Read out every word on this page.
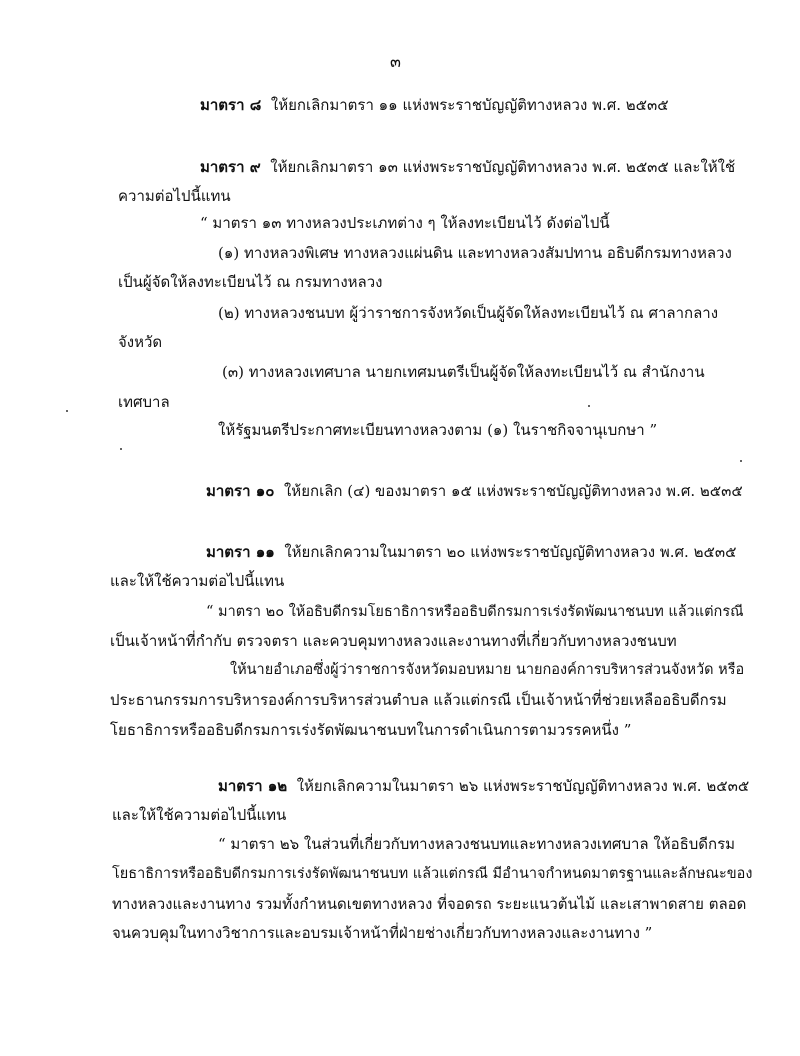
๓

มาตรา ๘ ให้ยกเลิกมาตรา ๑๑ แห่งพระราชบัญญัติทางหลวง พ.ศ. ๒๕๓๕

มาตรา ๙ ให้ยกเลิกมาตรา ๑๓ แห่งพระราชบัญญัติทางหลวง พ.ศ. ๒๕๓๕ และให้ใช้

ความต่อไปนี้แทน

“ มาตรา ๑๓ ทางหลวงประเภทต่าง ๆ ให้ลงทะเบียนไว้ ดังต่อไปนี้

(๑) ทางหลวงพิเศษ ทางหลวงแผ่นดิน และทางหลวงสัมปทาน อธิบดีกรมทางหลวง

เป็นผู้จัดให้ลงทะเบียนไว้ ณ กรมทางหลวง

(๒) ทางหลวงชนบท ผู้ว่าราชการจังหวัดเป็นผู้จัดให้ลงทะเบียนไว้ ณ ศาลากลาง

จังหวัด

(๓) ทางหลวงเทศบาล นายกเทศมนตรีเป็นผู้จัดให้ลงทะเบียนไว้ ณ สำนักงาน

เทศบาล

ให้รัฐมนตรีประกาศทะเบียนทางหลวงตาม (๑) ในราชกิจจานุเบกษา ”

มาตรา ๑๐ ให้ยกเลิก (๔) ของมาตรา ๑๕ แห่งพระราชบัญญัติทางหลวง พ.ศ. ๒๕๓๕

มาตรา ๑๑ ให้ยกเลิกความในมาตรา ๒๐ แห่งพระราชบัญญัติทางหลวง พ.ศ. ๒๕๓๕

และให้ใช้ความต่อไปนี้แทน

“ มาตรา ๒๐ ให้อธิบดีกรมโยธาธิการหรืออธิบดีกรมการเร่งรัดพัฒนาชนบท แล้วแต่กรณี

เป็นเจ้าหน้าที่กำกับ ตรวจตรา และควบคุมทางหลวงและงานทางที่เกี่ยวกับทางหลวงชนบท

ให้นายอำเภอซึ่งผู้ว่าราชการจังหวัดมอบหมาย นายกองค์การบริหารส่วนจังหวัด หรือ

ประธานกรรมการบริหารองค์การบริหารส่วนตำบล แล้วแต่กรณี เป็นเจ้าหน้าที่ช่วยเหลืออธิบดีกรม

โยธาธิการหรืออธิบดีกรมการเร่งรัดพัฒนาชนบทในการดำเนินการตามวรรคหนึ่ง ”

มาตรา ๑๒ ให้ยกเลิกความในมาตรา ๒๖ แห่งพระราชบัญญัติทางหลวง พ.ศ. ๒๕๓๕

และให้ใช้ความต่อไปนี้แทน

“ มาตรา ๒๖ ในส่วนที่เกี่ยวกับทางหลวงชนบทและทางหลวงเทศบาล ให้อธิบดีกรม

โยธาธิการหรืออธิบดีกรมการเร่งรัดพัฒนาชนบท แล้วแต่กรณี มีอำนาจกำหนดมาตรฐานและลักษณะของ

ทางหลวงและงานทาง รวมทั้งกำหนดเขตทางหลวง ที่จอดรถ ระยะแนวต้นไม้ และเสาพาดสาย ตลอด

จนควบคุมในทางวิชาการและอบรมเจ้าหน้าที่ฝ่ายช่างเกี่ยวกับทางหลวงและงานทาง ”
